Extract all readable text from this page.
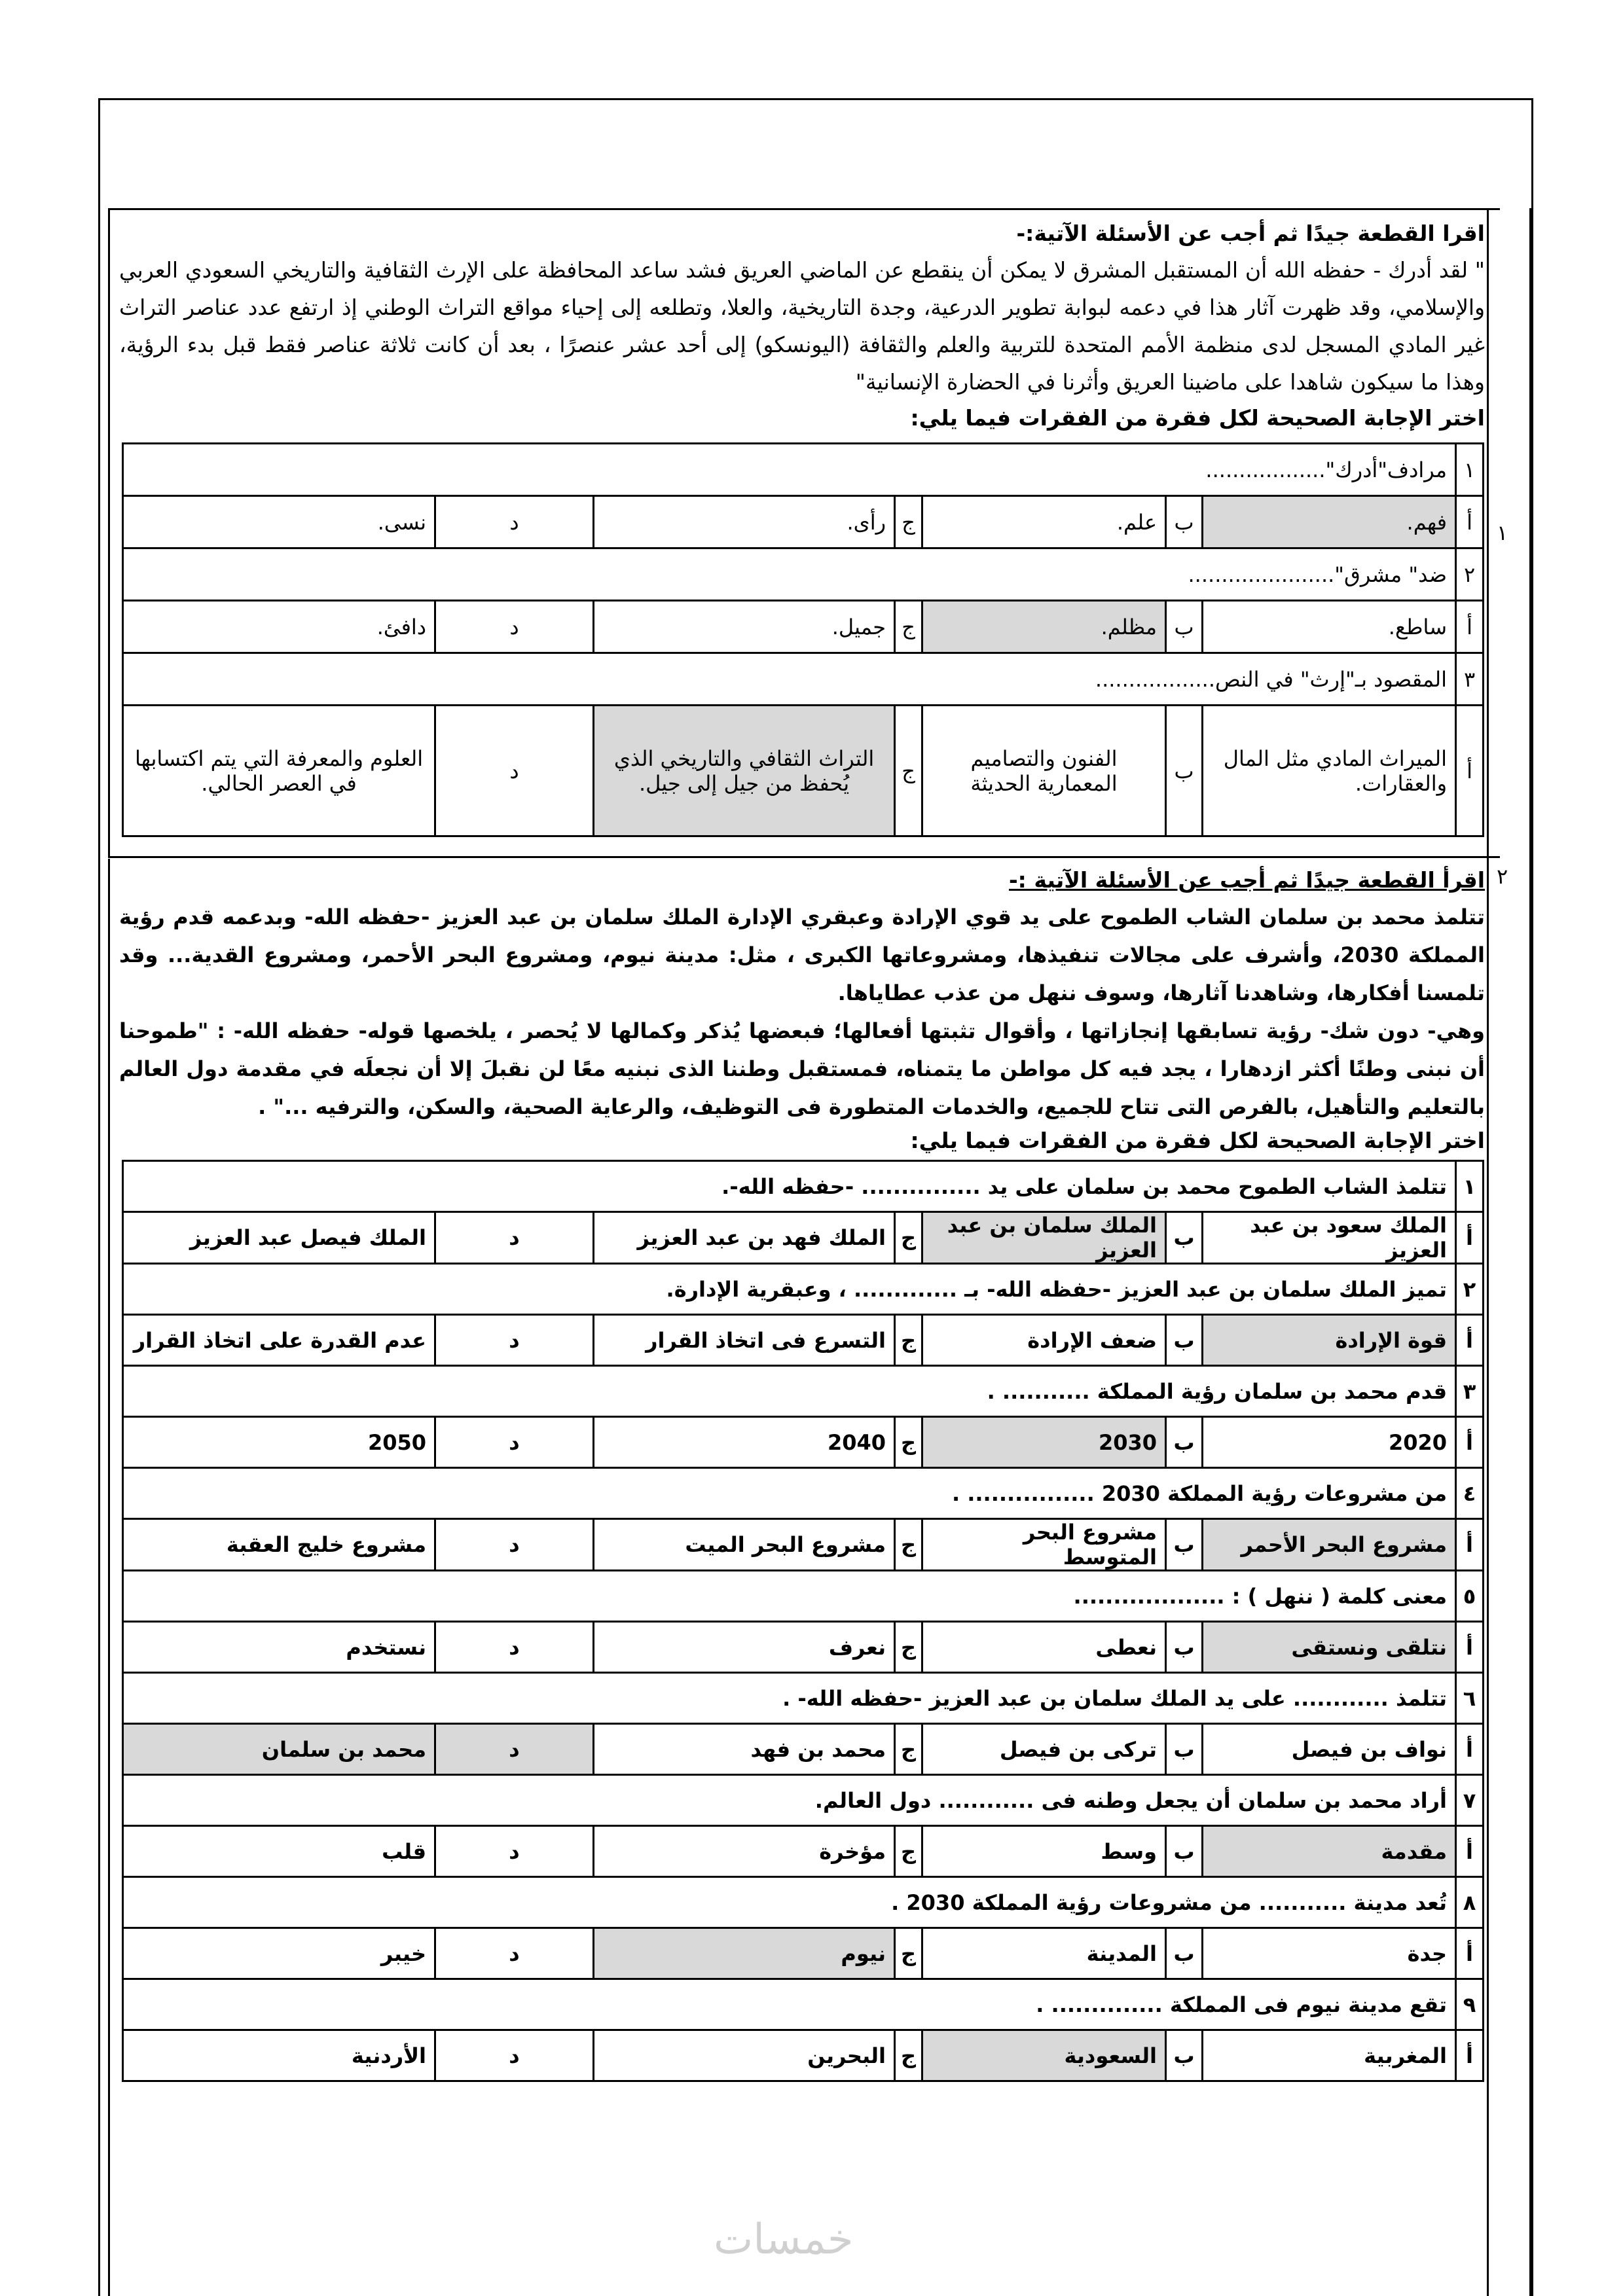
١
اقرا القطعة جيدًا ثم أجب عن الأسئلة الآتية:-
" لقد أدرك - حفظه الله أن المستقبل المشرق لا يمكن أن ينقطع عن الماضي العريق فشد ساعد المحافظة على الإرث الثقافية والتاريخي السعودي العربي والإسلامي، وقد ظهرت آثار هذا في دعمه لبوابة تطوير الدرعية، وجدة التاريخية، والعلا، وتطلعه إلى إحياء مواقع التراث الوطني إذ ارتفع عدد عناصر التراث غير المادي المسجل لدى منظمة الأمم المتحدة للتربية والعلم والثقافة (اليونسكو) إلى أحد عشر عنصرًا ، بعد أن كانت ثلاثة عناصر فقط قبل بدء الرؤية، وهذا ما سيكون شاهدا على ماضينا العريق وأثرنا في الحضارة الإنسانية"
اختر الإجابة الصحيحة لكل فقرة من الفقرات فيما يلي:
١	مرادف"أدرك"..................						
أ	فهم.	ب	علم.	ج	رأى.	د	نسى.
٢	ضد" مشرق"......................						
أ	ساطع.	ب	مظلم.	ج	جميل.	د	دافئ.
٣	المقصود بـ"إرث" في النص..................						
أ	الميراث المادي مثل المال والعقارات.	ب	الفنون والتصاميم المعمارية الحديثة	ج	التراث الثقافي والتاريخي الذي يُحفظ من جيل إلى جيل.	د	العلوم والمعرفة التي يتم اكتسابها في العصر الحالي.
٢
اقرأ القطعة جيدًا ثم أجب عن الأسئلة الآتية :-
تتلمذ محمد بن سلمان الشاب الطموح على يد قوي الإرادة وعبقري الإدارة الملك سلمان بن عبد العزيز -حفظه الله- وبدعمه قدم رؤية المملكة 2030، وأشرف على مجالات تنفيذها، ومشروعاتها الكبرى ، مثل: مدينة نيوم، ومشروع البحر الأحمر، ومشروع القدية... وقد تلمسنا أفكارها، وشاهدنا آثارها، وسوف ننهل من عذب عطاياها.
وهي- دون شك- رؤية تسابقها إنجازاتها ، وأقوال تثبتها أفعالها؛ فبعضها يُذكر وكمالها لا يُحصر ، يلخصها قوله- حفظه الله- : "طموحنا أن نبنى وطنًا أكثر ازدهارا ، يجد فيه كل مواطن ما يتمناه، فمستقبل وطننا الذى نبنيه معًا لن نقبلَ إلا أن نجعلَه في مقدمة دول العالم بالتعليم والتأهيل، بالفرص التى تتاح للجميع، والخدمات المتطورة فى التوظيف، والرعاية الصحية، والسكن، والترفيه ..." .
اختر الإجابة الصحيحة لكل فقرة من الفقرات فيما يلي:
١	تتلمذ الشاب الطموح محمد بن سلمان على يد ............... -حفظه الله-.						
أ	الملك سعود بن عبد العزيز	ب	الملك سلمان بن عبد العزيز	ج	الملك فهد بن عبد العزيز	د	الملك فيصل عبد العزيز
٢	تميز الملك سلمان بن عبد العزيز -حفظه الله- بـ ............. ، وعبقرية الإدارة.						
أ	قوة الإرادة	ب	ضعف الإرادة	ج	التسرع فى اتخاذ القرار	د	عدم القدرة على اتخاذ القرار
٣	قدم محمد بن سلمان رؤية المملكة ........... .						
أ	2020	ب	2030	ج	2040	د	2050
٤	من مشروعات رؤية المملكة 2030 ................ .						
أ	مشروع البحر الأحمر	ب	مشروع البحر المتوسط	ج	مشروع البحر الميت	د	مشروع خليج العقبة
٥	معنى كلمة ( ننهل ) : ...................						
أ	نتلقى ونستقى	ب	نعطى	ج	نعرف	د	نستخدم
٦	تتلمذ ............ على يد الملك سلمان بن عبد العزيز -حفظه الله- .						
أ	نواف بن فيصل	ب	تركى بن فيصل	ج	محمد بن فهد	د	محمد بن سلمان
٧	أراد محمد بن سلمان أن يجعل وطنه فى ............ دول العالم.						
أ	مقدمة	ب	وسط	ج	مؤخرة	د	قلب
٨	تُعد مدينة ........... من مشروعات رؤية المملكة 2030 .						
أ	جدة	ب	المدينة	ج	نيوم	د	خيبر
٩	تقع مدينة نيوم فى المملكة .............. .						
أ	المغربية	ب	السعودية	ج	البحرين	د	الأردنية
خمسات
